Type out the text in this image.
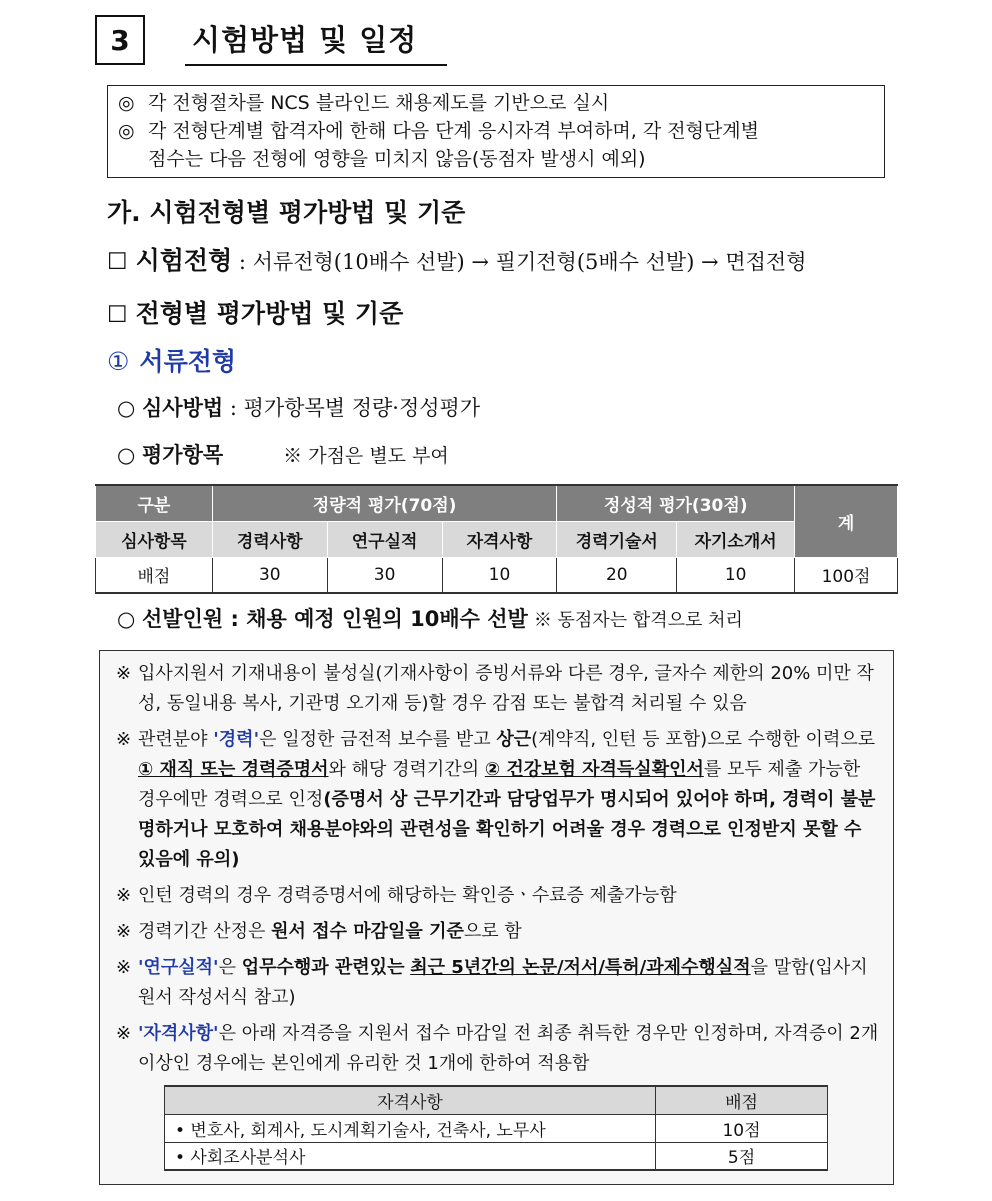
3	시험방법 및 일정
◎ 각 전형절차를 NCS 블라인드 채용제도를 기반으로 실시
◎ 각 전형단계별 합격자에 한해 다음 단계 응시자격 부여하며, 각 전형단계별
점수는 다음 전형에 영향을 미치지 않음(동점자 발생시 예외)
가. 시험전형별 평가방법 및 기준
☐ 시험전형 : 서류전형(10배수 선발) → 필기전형(5배수 선발) → 면접전형
☐ 전형별 평가방법 및 기준
① 서류전형
○ 심사방법 : 평가항목별 정량·정성평가
○ 평가항목	※ 가점은 별도 부여
구분	정량적 평가(70점)			정성적 평가(30점)		계
심사항목	경력사항	연구실적	자격사항	경력기술서	자기소개서	
배점	30	30	10	20	10	100점
○ 선발인원 : 채용 예정 인원의 10배수 선발 ※ 동점자는 합격으로 처리
※ 입사지원서 기재내용이 불성실(기재사항이 증빙서류와 다른 경우, 글자수 제한의 20% 미만 작성, 동일내용 복사, 기관명 오기재 등)할 경우 감점 또는 불합격 처리될 수 있음
※ 관련분야 '경력'은 일정한 금전적 보수를 받고 상근(계약직, 인턴 등 포함)으로 수행한 이력으로 ① 재직 또는 경력증명서와 해당 경력기간의 ② 건강보험 자격득실확인서를 모두 제출 가능한 경우에만 경력으로 인정(증명서 상 근무기간과 담당업무가 명시되어 있어야 하며, 경력이 불분명하거나 모호하여 채용분야와의 관련성을 확인하기 어려울 경우 경력으로 인정받지 못할 수 있음에 유의)
※ 인턴 경력의 경우 경력증명서에 해당하는 확인증ㆍ수료증 제출가능함
※ 경력기간 산정은 원서 접수 마감일을 기준으로 함
※ '연구실적'은 업무수행과 관련있는 최근 5년간의 논문/저서/특허/과제수행실적을 말함(입사지원서 작성서식 참고)
※ '자격사항'은 아래 자격증을 지원서 접수 마감일 전 최종 취득한 경우만 인정하며, 자격증이 2개 이상인 경우에는 본인에게 유리한 것 1개에 한하여 적용함
자격사항	배점
• 변호사, 회계사, 도시계획기술사, 건축사, 노무사	10점
• 사회조사분석사	5점
